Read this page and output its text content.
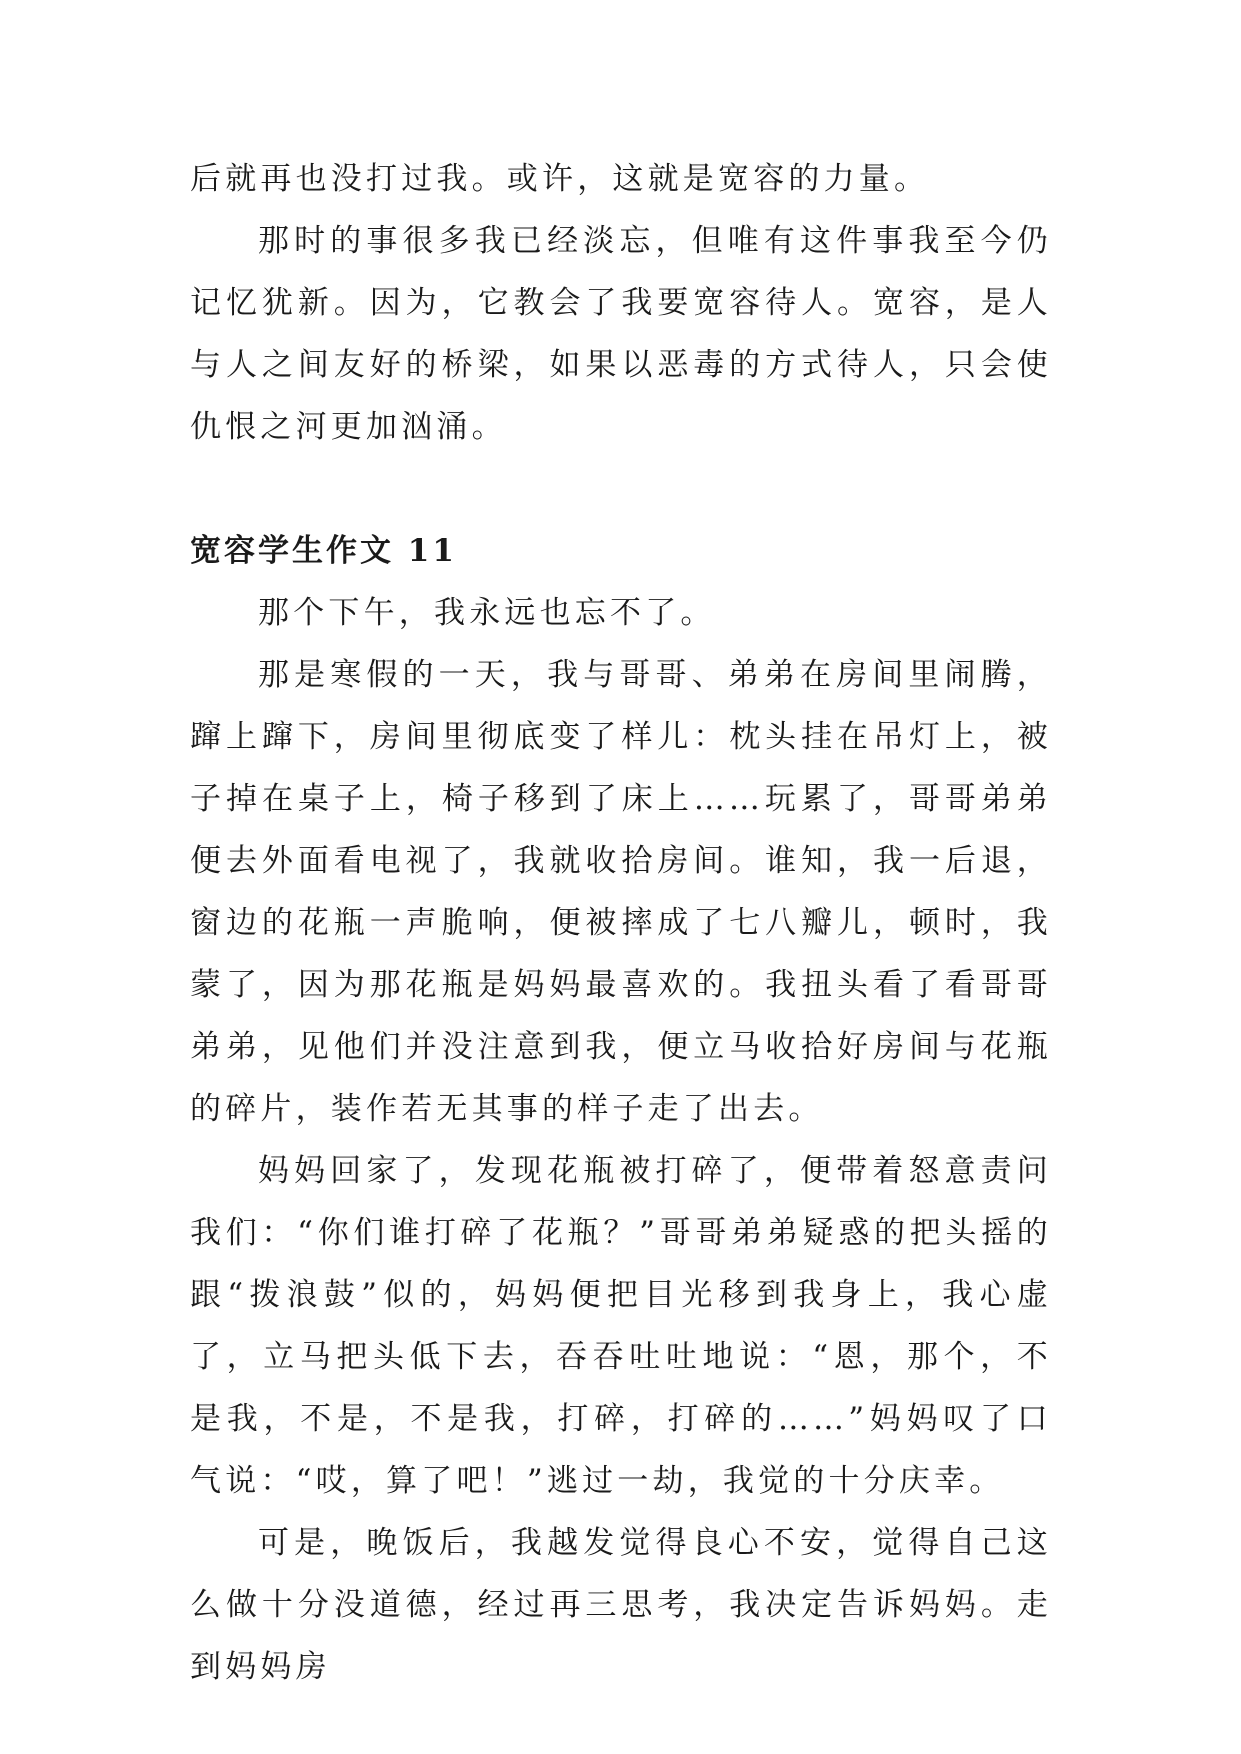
后就再也没打过我。或许，这就是宽容的力量。

那时的事很多我已经淡忘，但唯有这件事我至今仍记忆犹新。因为，它教会了我要宽容待人。宽容，是人与人之间友好的桥梁，如果以恶毒的方式待人，只会使仇恨之河更加汹涌。

宽容学生作文 11

那个下午，我永远也忘不了。

那是寒假的一天，我与哥哥、弟弟在房间里闹腾，蹿上蹿下，房间里彻底变了样儿：枕头挂在吊灯上，被子掉在桌子上，椅子移到了床上……玩累了，哥哥弟弟便去外面看电视了，我就收拾房间。谁知，我一后退，窗边的花瓶一声脆响，便被摔成了七八瓣儿，顿时，我蒙了，因为那花瓶是妈妈最喜欢的。我扭头看了看哥哥弟弟，见他们并没注意到我，便立马收拾好房间与花瓶的碎片，装作若无其事的样子走了出去。

妈妈回家了，发现花瓶被打碎了，便带着怒意责问我们：“你们谁打碎了花瓶？”哥哥弟弟疑惑的把头摇的跟“拨浪鼓”似的，妈妈便把目光移到我身上，我心虚了，立马把头低下去，吞吞吐吐地说：“恩，那个，不是我，不是，不是我，打碎，打碎的……”妈妈叹了口气说：“哎，算了吧！”逃过一劫，我觉的十分庆幸。

可是，晚饭后，我越发觉得良心不安，觉得自己这么做十分没道德，经过再三思考，我决定告诉妈妈。走到妈妈房
